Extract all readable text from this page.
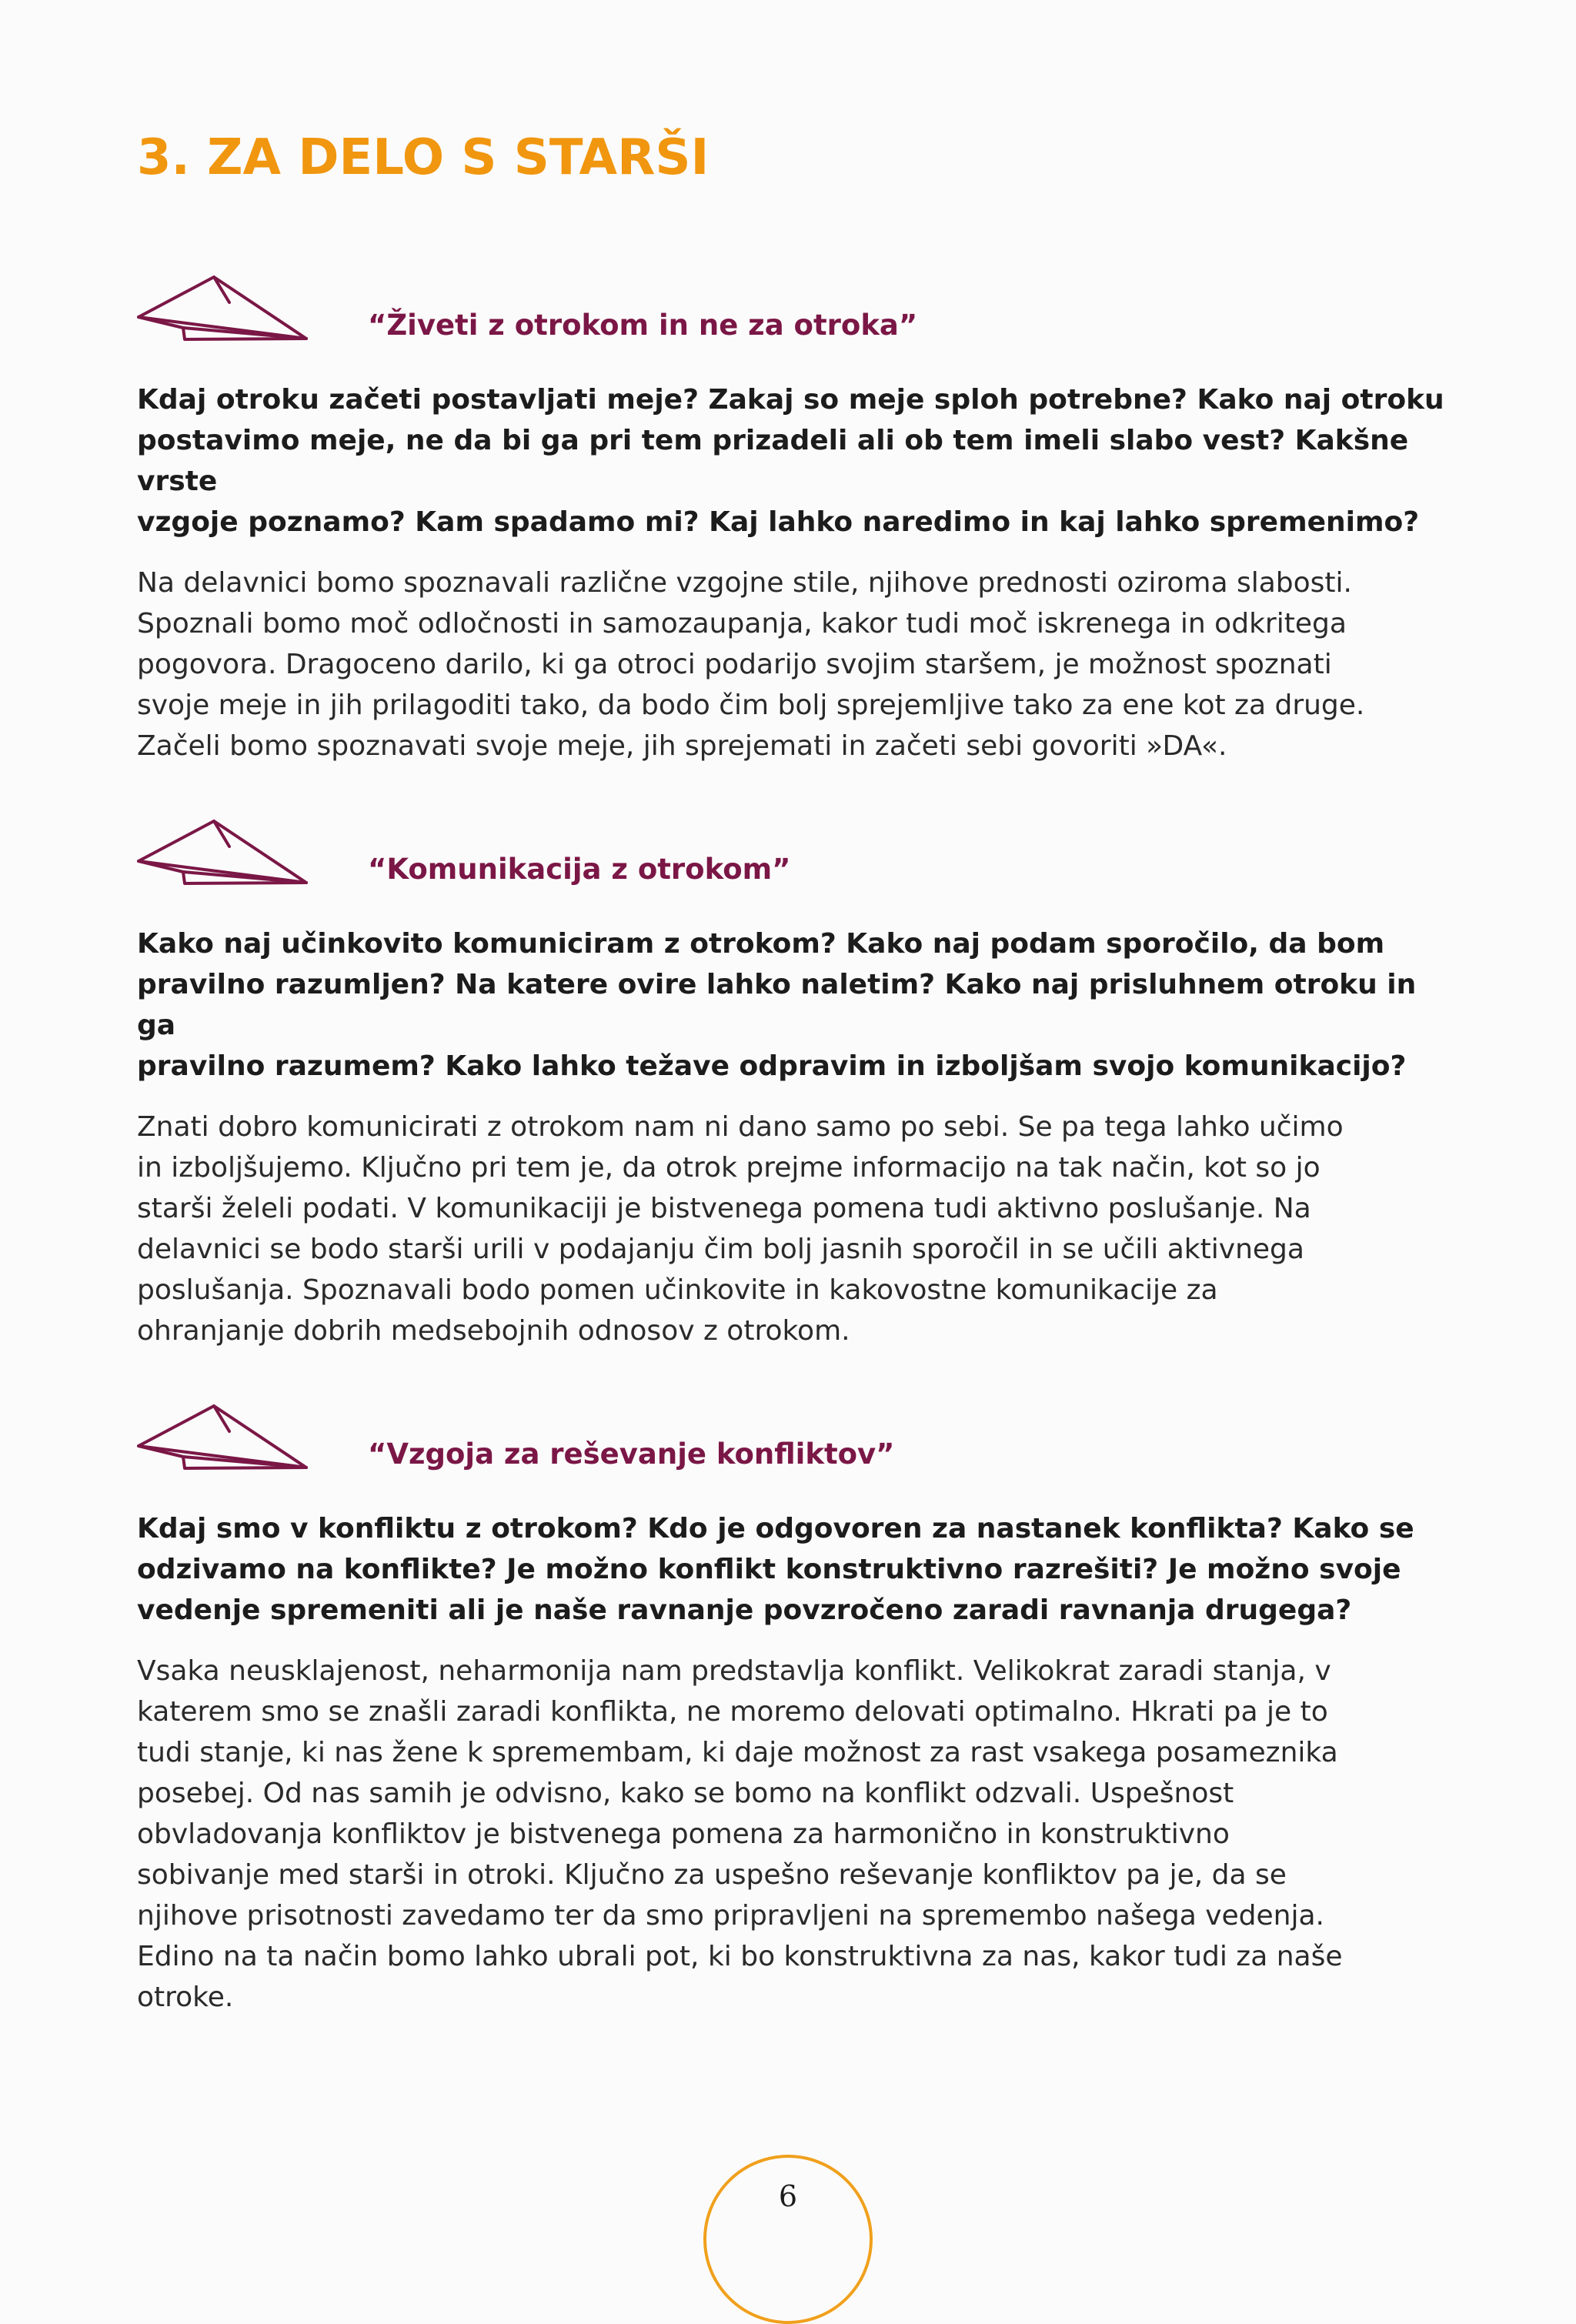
3. ZA DELO S STARŠI
“Živeti z otrokom in ne za otroka”

Kdaj otroku začeti postavljati meje? Zakaj so meje sploh potrebne? Kako naj otroku
postavimo meje, ne da bi ga pri tem prizadeli ali ob tem imeli slabo vest? Kakšne vrste
vzgoje poznamo? Kam spadamo mi? Kaj lahko naredimo in kaj lahko spremenimo?

Na delavnici bomo spoznavali različne vzgojne stile, njihove prednosti oziroma slabosti.
Spoznali bomo moč odločnosti in samozaupanja, kakor tudi moč iskrenega in odkritega
pogovora. Dragoceno darilo, ki ga otroci podarijo svojim staršem, je možnost spoznati
svoje meje in jih prilagoditi tako, da bodo čim bolj sprejemljive tako za ene kot za druge.
Začeli bomo spoznavati svoje meje, jih sprejemati in začeti sebi govoriti »DA«.

“Komunikacija z otrokom”

Kako naj učinkovito komuniciram z otrokom? Kako naj podam sporočilo, da bom
pravilno razumljen? Na katere ovire lahko naletim? Kako naj prisluhnem otroku in ga
pravilno razumem? Kako lahko težave odpravim in izboljšam svojo komunikacijo?

Znati dobro komunicirati z otrokom nam ni dano samo po sebi. Se pa tega lahko učimo
in izboljšujemo. Ključno pri tem je, da otrok prejme informacijo na tak način, kot so jo
starši želeli podati. V komunikaciji je bistvenega pomena tudi aktivno poslušanje. Na
delavnici se bodo starši urili v podajanju čim bolj jasnih sporočil in se učili aktivnega
poslušanja. Spoznavali bodo pomen učinkovite in kakovostne komunikacije za
ohranjanje dobrih medsebojnih odnosov z otrokom.

“Vzgoja za reševanje konfliktov”

Kdaj smo v konfliktu z otrokom? Kdo je odgovoren za nastanek konflikta? Kako se
odzivamo na konflikte? Je možno konflikt konstruktivno razrešiti? Je možno svoje
vedenje spremeniti ali je naše ravnanje povzročeno zaradi ravnanja drugega?

Vsaka neusklajenost, neharmonija nam predstavlja konflikt. Velikokrat zaradi stanja, v
katerem smo se znašli zaradi konflikta, ne moremo delovati optimalno. Hkrati pa je to
tudi stanje, ki nas žene k spremembam, ki daje možnost za rast vsakega posameznika
posebej. Od nas samih je odvisno, kako se bomo na konflikt odzvali. Uspešnost
obvladovanja konfliktov je bistvenega pomena za harmonično in konstruktivno
sobivanje med starši in otroki. Ključno za uspešno reševanje konfliktov pa je, da se
njihove prisotnosti zavedamo ter da smo pripravljeni na spremembo našega vedenja.
Edino na ta način bomo lahko ubrali pot, ki bo konstruktivna za nas, kakor tudi za naše
otroke.

6
